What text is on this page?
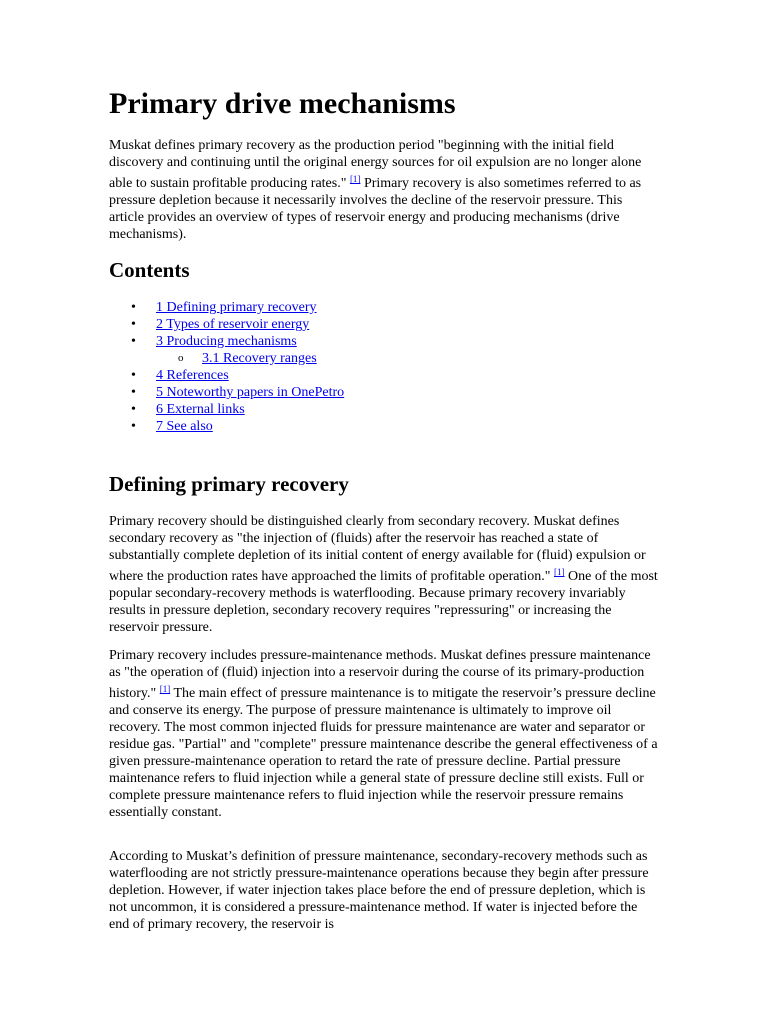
Primary drive mechanisms

Muskat defines primary recovery as the production period "beginning with the initial field discovery and continuing until the original energy sources for oil expulsion are no longer alone able to sustain profitable producing rates." [1] Primary recovery is also sometimes referred to as pressure depletion because it necessarily involves the decline of the reservoir pressure. This article provides an overview of types of reservoir energy and producing mechanisms (drive mechanisms).

Contents
• 1 Defining primary recovery
• 2 Types of reservoir energy
• 3 Producing mechanisms
o 3.1 Recovery ranges
• 4 References
• 5 Noteworthy papers in OnePetro
• 6 External links
• 7 See also
Defining primary recovery

Primary recovery should be distinguished clearly from secondary recovery. Muskat defines secondary recovery as "the injection of (fluids) after the reservoir has reached a state of substantially complete depletion of its initial content of energy available for (fluid) expulsion or where the production rates have approached the limits of profitable operation." [1] One of the most popular secondary-recovery methods is waterflooding. Because primary recovery invariably results in pressure depletion, secondary recovery requires "repressuring" or increasing the reservoir pressure.

Primary recovery includes pressure-maintenance methods. Muskat defines pressure maintenance as "the operation of (fluid) injection into a reservoir during the course of its primary-production history." [1] The main effect of pressure maintenance is to mitigate the reservoir’s pressure decline and conserve its energy. The purpose of pressure maintenance is ultimately to improve oil recovery. The most common injected fluids for pressure maintenance are water and separator or residue gas. "Partial" and "complete" pressure maintenance describe the general effectiveness of a given pressure-maintenance operation to retard the rate of pressure decline. Partial pressure maintenance refers to fluid injection while a general state of pressure decline still exists. Full or complete pressure maintenance refers to fluid injection while the reservoir pressure remains essentially constant.

According to Muskat’s definition of pressure maintenance, secondary-recovery methods such as waterflooding are not strictly pressure-maintenance operations because they begin after pressure depletion. However, if water injection takes place before the end of pressure depletion, which is not uncommon, it is considered a pressure-maintenance method. If water is injected before the end of primary recovery, the reservoir is
